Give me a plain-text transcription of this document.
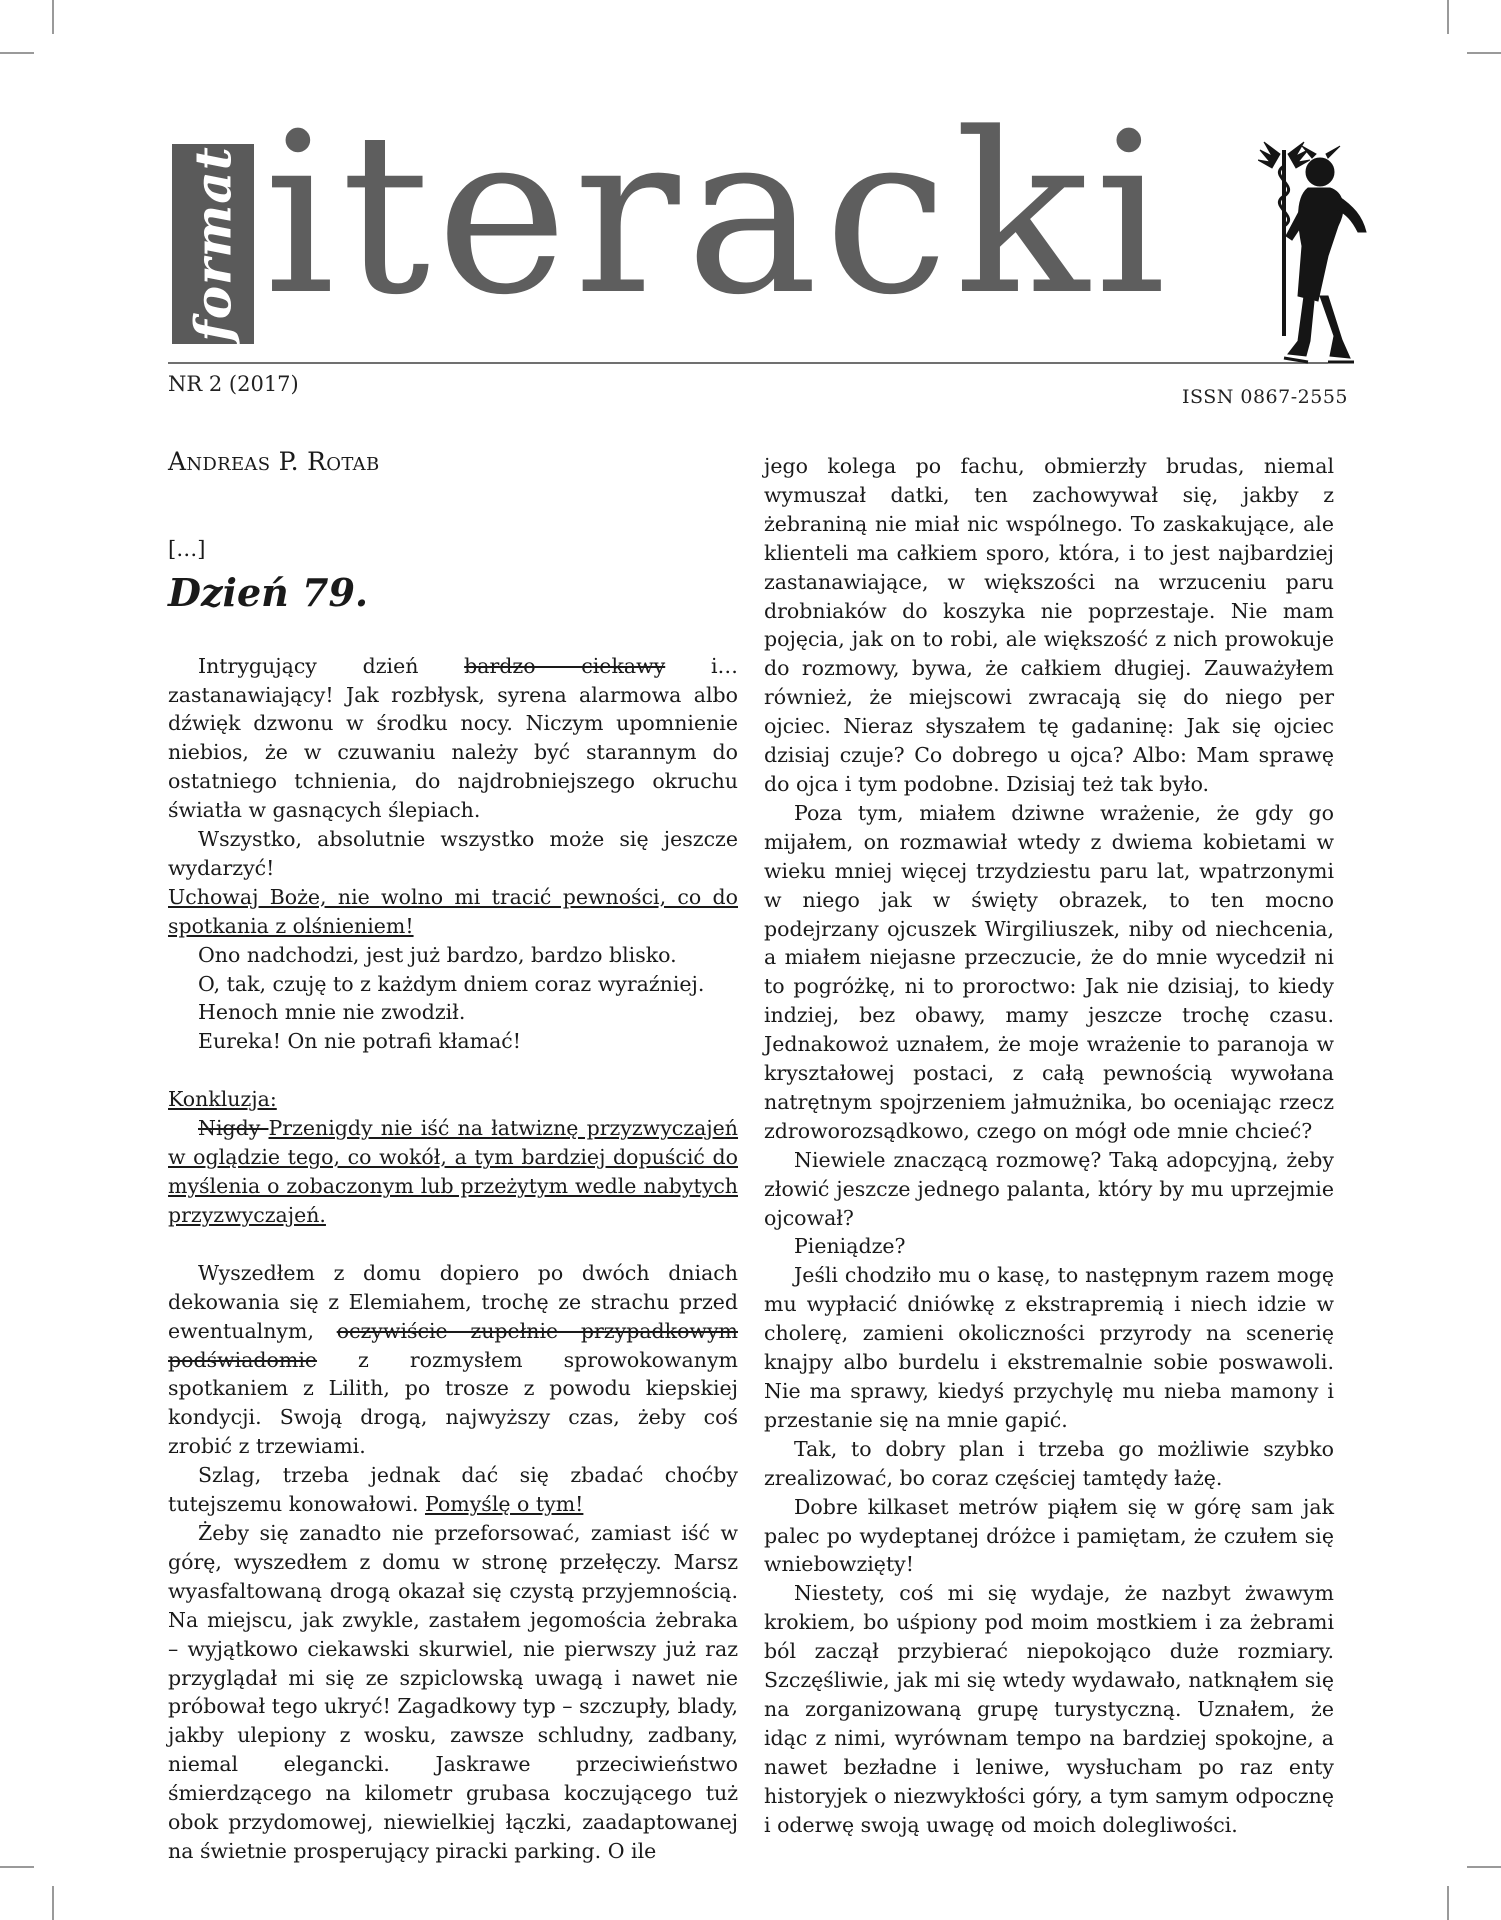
format iteracki
NR 2 (2017)
ISSN 0867-2555
Andreas P. Rotab
[…]
Dzień 79.

Intrygujący dzień bardzo ciekawy i… zastanawiający! Jak rozbłysk, syrena alarmowa albo dźwięk dzwonu w środku nocy. Niczym upomnienie niebios, że w czuwaniu należy być starannym do ostatniego tchnienia, do najdrobniejszego okruchu światła w gasnących ślepiach.

Wszystko, absolutnie wszystko może się jeszcze wydarzyć!

Uchowaj Boże, nie wolno mi tracić pewności, co do spotkania z olśnieniem!

Ono nadchodzi, jest już bardzo, bardzo blisko.

O, tak, czuję to z każdym dniem coraz wyraźniej.

Henoch mnie nie zwodził.

Eureka! On nie potrafi kłamać!

Konkluzja:

Nigdy Przenigdy nie iść na łatwiznę przyzwyczajeń w oglądzie tego, co wokół, a tym bardziej dopuścić do myślenia o zobaczonym lub przeżytym wedle nabytych przyzwyczajeń.

Wyszedłem z domu dopiero po dwóch dniach dekowania się z Elemiahem, trochę ze strachu przed ewentualnym, oczywiście zupełnie przypadkowym podświadomie z rozmysłem sprowokowanym spotkaniem z Lilith, po trosze z powodu kiepskiej kondycji. Swoją drogą, najwyższy czas, żeby coś zrobić z trzewiami.

Szlag, trzeba jednak dać się zbadać choćby tutejszemu konowałowi. Pomyślę o tym!

Żeby się zanadto nie przeforsować, zamiast iść w górę, wyszedłem z domu w stronę przełęczy. Marsz wyasfaltowaną drogą okazał się czystą przyjemnością. Na miejscu, jak zwykle, zastałem jegomościa żebraka – wyjątkowo ciekawski skurwiel, nie pierwszy już raz przyglądał mi się ze szpiclowską uwagą i nawet nie próbował tego ukryć! Zagadkowy typ – szczupły, blady, jakby ulepiony z wosku, zawsze schludny, zadbany, niemal elegancki. Jaskrawe przeciwieństwo śmierdzącego na kilometr grubasa koczującego tuż obok przydomowej, niewielkiej łączki, zaadaptowanej na świetnie prosperujący piracki parking. O ile

jego kolega po fachu, obmierzły brudas, niemal wymuszał datki, ten zachowywał się, jakby z żebraniną nie miał nic wspólnego. To zaskakujące, ale klienteli ma całkiem sporo, która, i to jest najbardziej zastanawiające, w większości na wrzuceniu paru drobniaków do koszyka nie poprzestaje. Nie mam pojęcia, jak on to robi, ale większość z nich prowokuje do rozmowy, bywa, że całkiem długiej. Zauważyłem również, że miejscowi zwracają się do niego per ojciec. Nieraz słyszałem tę gadaninę: Jak się ojciec dzisiaj czuje? Co dobrego u ojca? Albo: Mam sprawę do ojca i tym podobne. Dzisiaj też tak było.

Poza tym, miałem dziwne wrażenie, że gdy go mijałem, on rozmawiał wtedy z dwiema kobietami w wieku mniej więcej trzydziestu paru lat, wpatrzonymi w niego jak w święty obrazek, to ten mocno podejrzany ojcuszek Wirgiliuszek, niby od niechcenia, a miałem niejasne przeczucie, że do mnie wycedził ni to pogróżkę, ni to proroctwo: Jak nie dzisiaj, to kiedy indziej, bez obawy, mamy jeszcze trochę czasu. Jednakowoż uznałem, że moje wrażenie to paranoja w kryształowej postaci, z całą pewnością wywołana natrętnym spojrzeniem jałmużnika, bo oceniając rzecz zdroworozsądkowo, czego on mógł ode mnie chcieć?

Niewiele znaczącą rozmowę? Taką adopcyjną, żeby złowić jeszcze jednego palanta, który by mu uprzejmie ojcował?

Pieniądze?

Jeśli chodziło mu o kasę, to następnym razem mogę mu wypłacić dniówkę z ekstrapremią i niech idzie w cholerę, zamieni okoliczności przyrody na scenerię knajpy albo burdelu i ekstremalnie sobie poswawoli. Nie ma sprawy, kiedyś przychylę mu nieba mamony i przestanie się na mnie gapić.

Tak, to dobry plan i trzeba go możliwie szybko zrealizować, bo coraz częściej tamtędy łażę.

Dobre kilkaset metrów piąłem się w górę sam jak palec po wydeptanej dróżce i pamiętam, że czułem się wniebowzięty!

Niestety, coś mi się wydaje, że nazbyt żwawym krokiem, bo uśpiony pod moim mostkiem i za żebrami ból zaczął przybierać niepokojąco duże rozmiary. Szczęśliwie, jak mi się wtedy wydawało, natknąłem się na zorganizowaną grupę turystyczną. Uznałem, że idąc z nimi, wyrównam tempo na bardziej spokojne, a nawet bezładne i leniwe, wysłucham po raz enty historyjek o niezwykłości góry, a tym samym odpocznę i oderwę swoją uwagę od moich dolegliwości.
